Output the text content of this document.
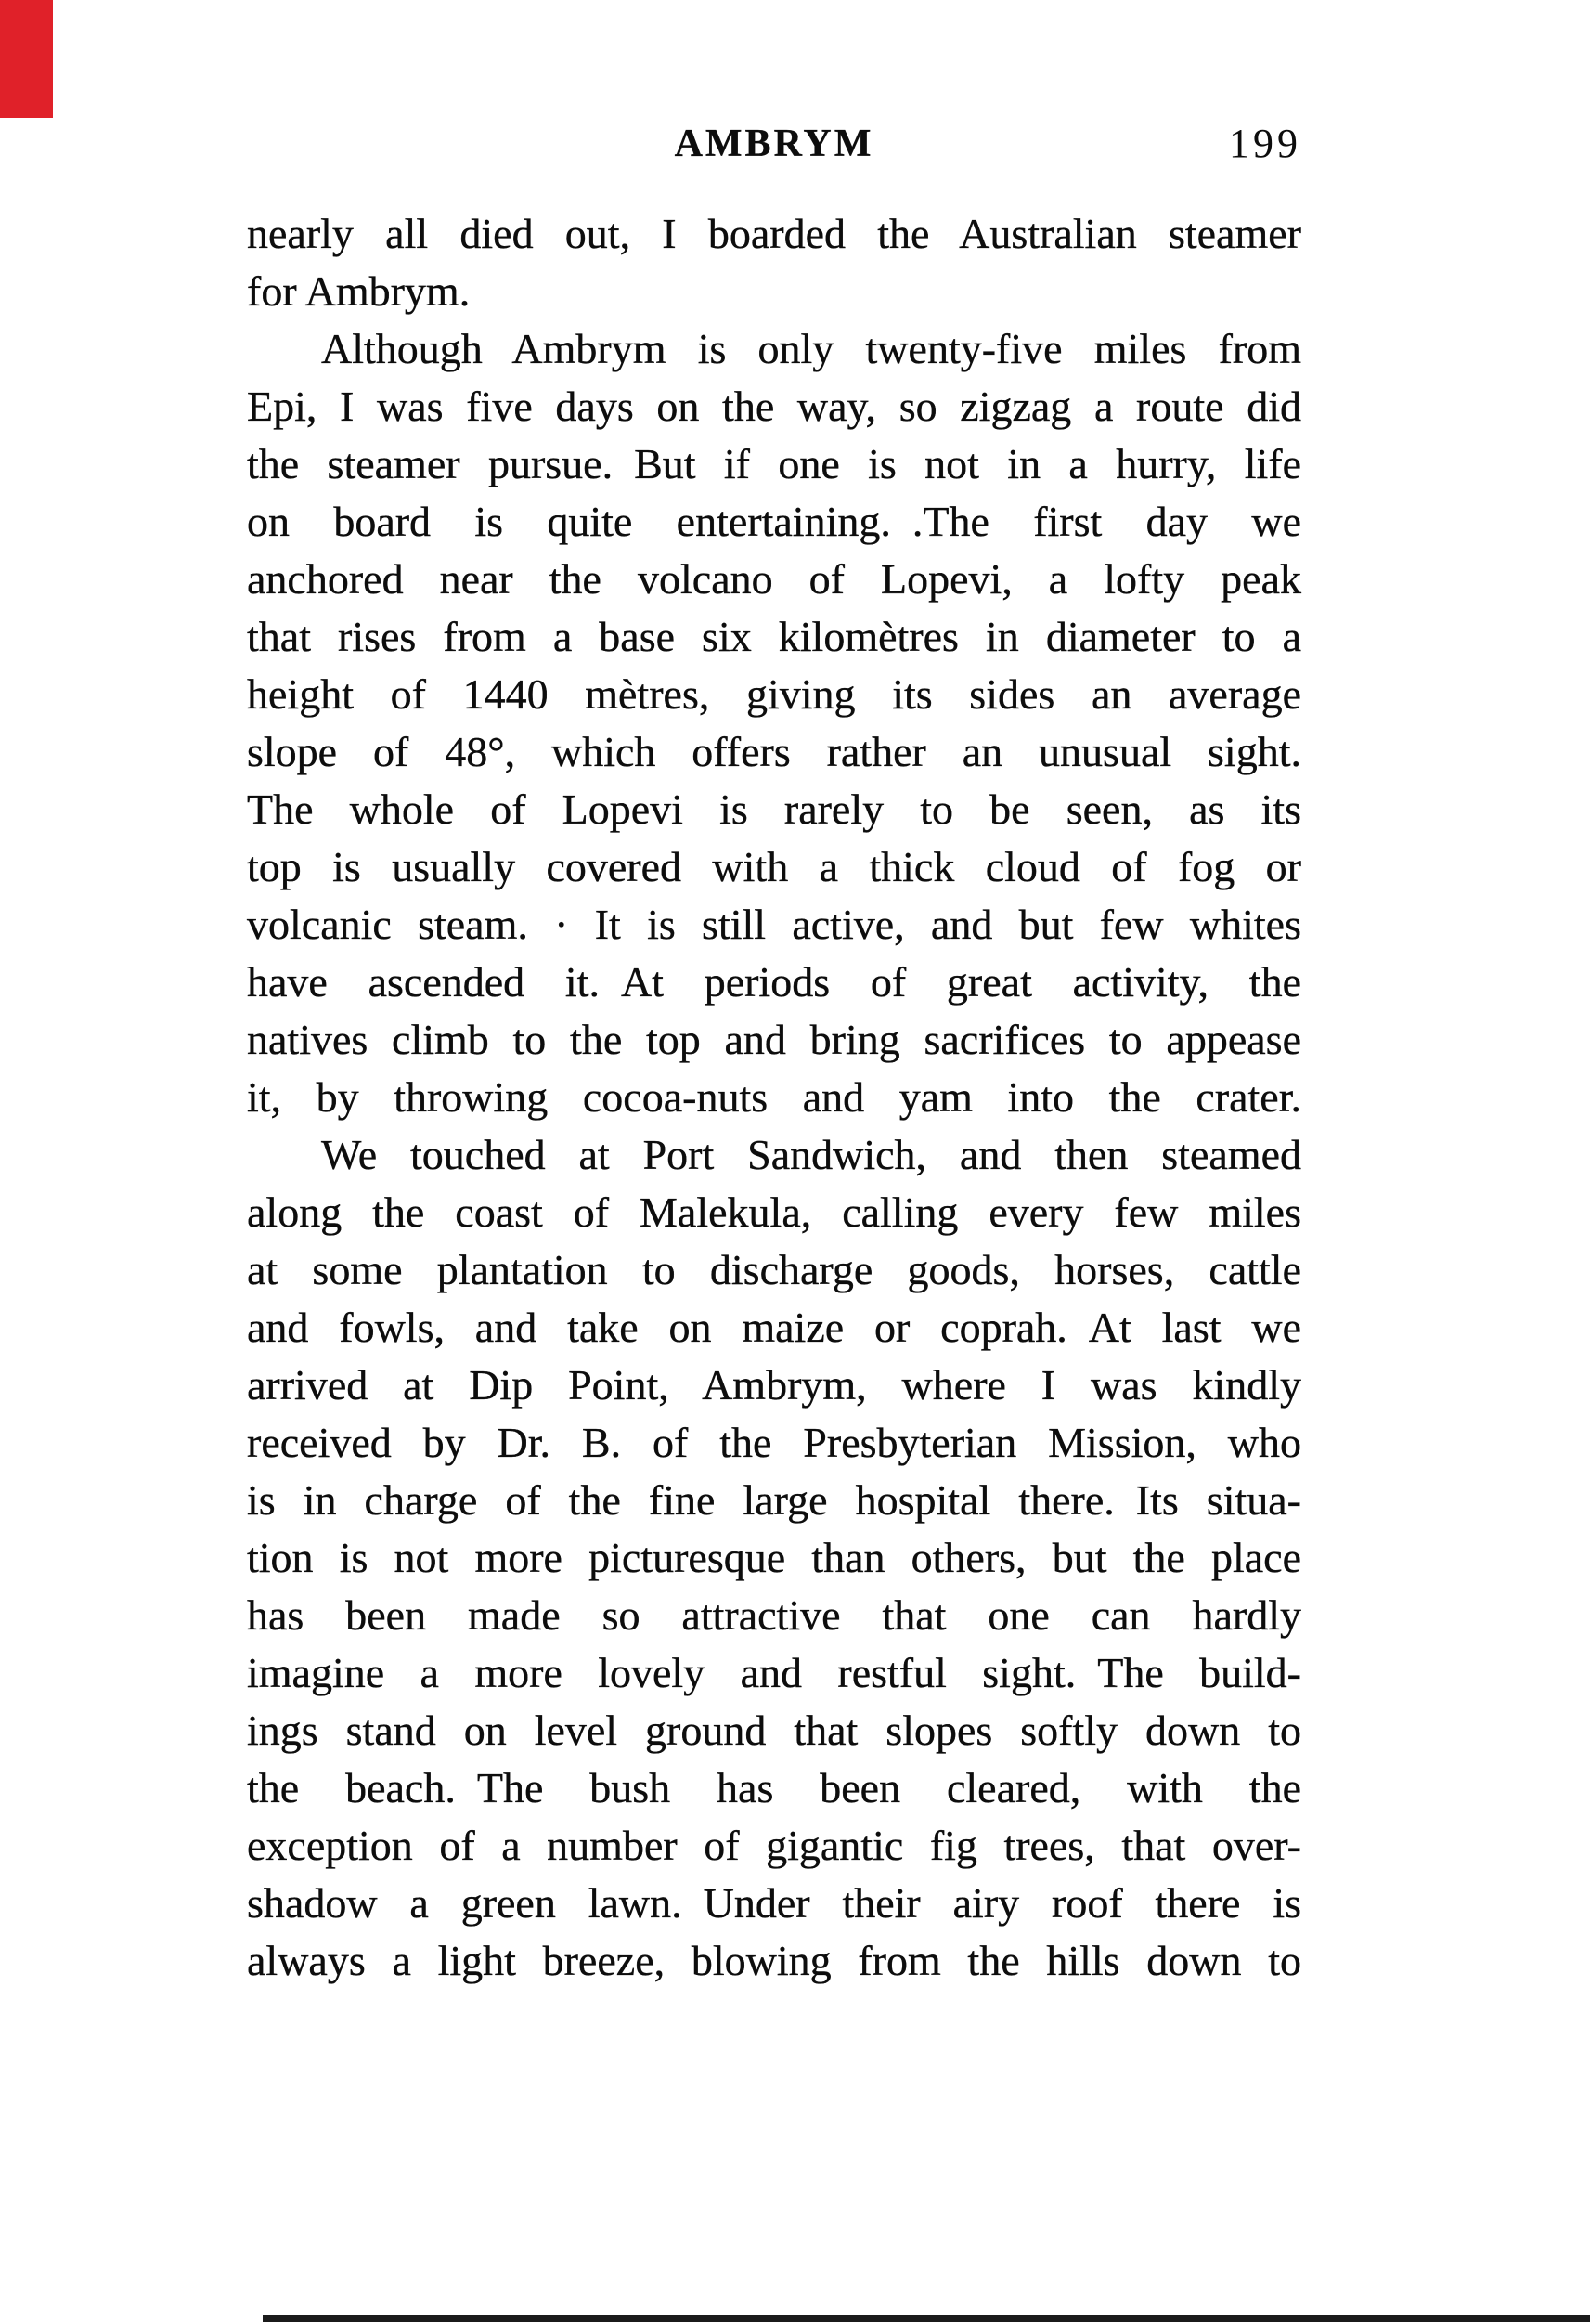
AMBRYM	199
nearly all died out, I boarded the Australian steamer
for Ambrym.
Although Ambrym is only twenty-five miles from
Epi, I was five days on the way, so zigzag a route did
the steamer pursue. But if one is not in a hurry, life
on board is quite entertaining. .The first day we
anchored near the volcano of Lopevi, a lofty peak
that rises from a base six kilomètres in diameter to a
height of 1440 mètres, giving its sides an average
slope of 48°, which offers rather an unusual sight.
The whole of Lopevi is rarely to be seen, as its
top is usually covered with a thick cloud of fog or
volcanic steam. · It is still active, and but few whites
have ascended it. At periods of great activity, the
natives climb to the top and bring sacrifices to appease
it, by throwing cocoa-nuts and yam into the crater.
We touched at Port Sandwich, and then steamed
along the coast of Malekula, calling every few miles
at some plantation to discharge goods, horses, cattle
and fowls, and take on maize or coprah. At last we
arrived at Dip Point, Ambrym, where I was kindly
received by Dr. B. of the Presbyterian Mission, who
is in charge of the fine large hospital there. Its situa-
tion is not more picturesque than others, but the place
has been made so attractive that one can hardly
imagine a more lovely and restful sight. The build-
ings stand on level ground that slopes softly down to
the beach. The bush has been cleared, with the
exception of a number of gigantic fig trees, that over-
shadow a green lawn. Under their airy roof there is
always a light breeze, blowing from the hills down to
